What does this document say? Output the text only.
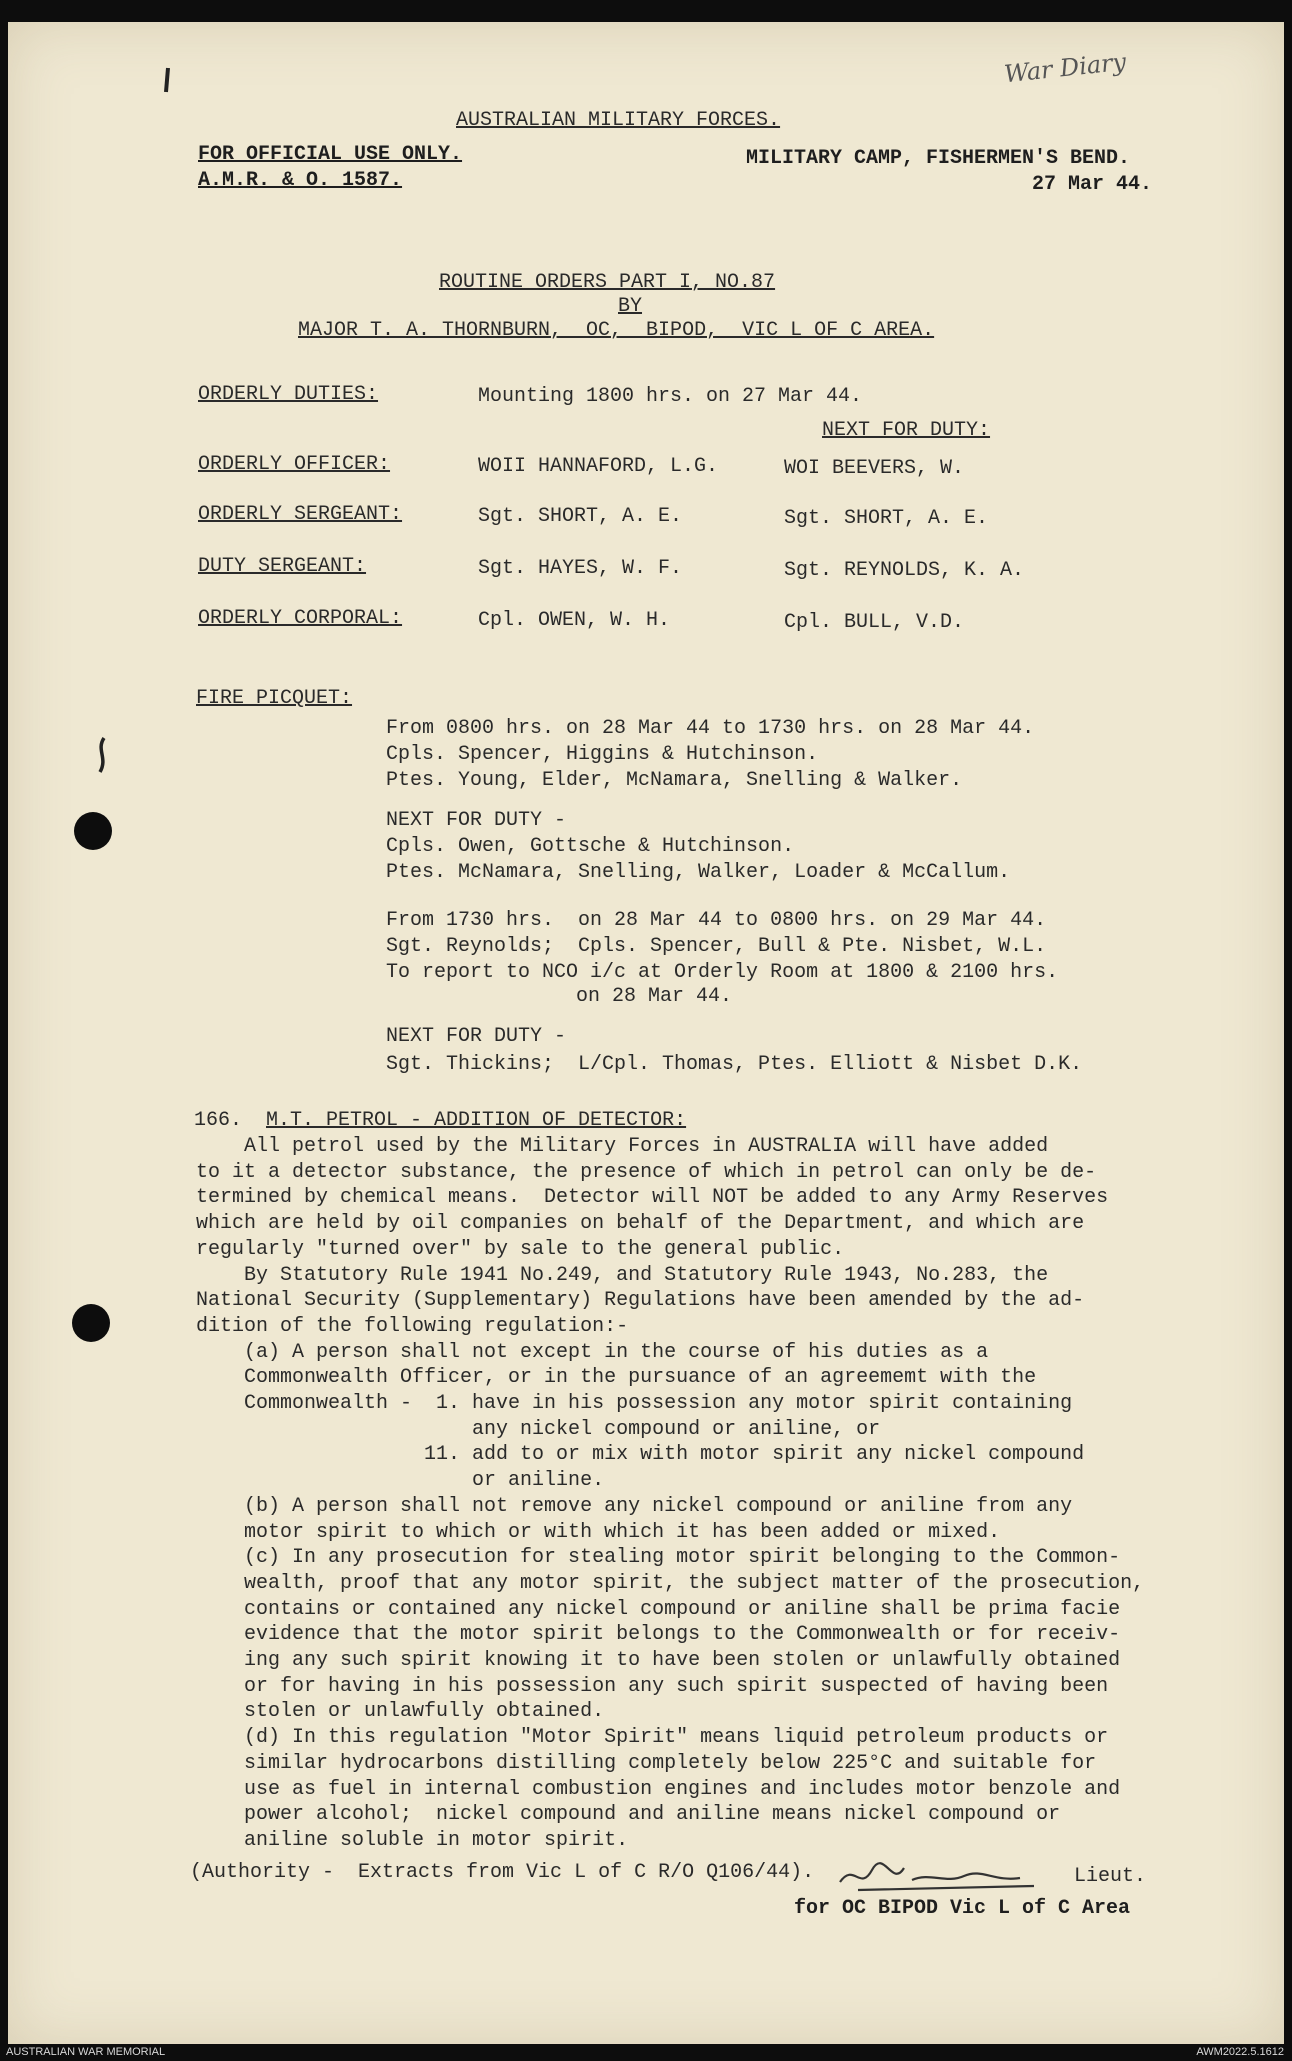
War Diary
AUSTRALIAN MILITARY FORCES.
FOR OFFICIAL USE ONLY.
A.M.R. & O. 1587.
MILITARY CAMP, FISHERMEN'S BEND.
27 Mar 44.
ROUTINE ORDERS PART I, NO.87
BY
MAJOR T. A. THORNBURN,  OC,  BIPOD,  VIC L OF C AREA.
ORDERLY DUTIES:	Mounting 1800 hrs. on 27 Mar 44.
NEXT FOR DUTY:
ORDERLY OFFICER:	WOII HANNAFORD, L.G.	WOI BEEVERS, W.
ORDERLY SERGEANT:	Sgt. SHORT, A. E.	Sgt. SHORT, A. E.
DUTY SERGEANT:	Sgt. HAYES, W. F.	Sgt. REYNOLDS, K. A.
ORDERLY CORPORAL:	Cpl. OWEN, W. H.	Cpl. BULL, V.D.
FIRE PICQUET:
From 0800 hrs. on 28 Mar 44 to 1730 hrs. on 28 Mar 44.
Cpls. Spencer, Higgins & Hutchinson.
Ptes. Young, Elder, McNamara, Snelling & Walker.
NEXT FOR DUTY -
Cpls. Owen, Gottsche & Hutchinson.
Ptes. McNamara, Snelling, Walker, Loader & McCallum.
From 1730 hrs.  on 28 Mar 44 to 0800 hrs. on 29 Mar 44.
Sgt. Reynolds;  Cpls. Spencer, Bull & Pte. Nisbet, W.L.
To report to NCO i/c at Orderly Room at 1800 & 2100 hrs.
on 28 Mar 44.
NEXT FOR DUTY -
Sgt. Thickins;  L/Cpl. Thomas, Ptes. Elliott & Nisbet D.K.
166. M.T. PETROL - ADDITION OF DETECTOR:
All petrol used by the Military Forces in AUSTRALIA will have added
to it a detector substance, the presence of which in petrol can only be de-
termined by chemical means.  Detector will NOT be added to any Army Reserves
which are held by oil companies on behalf of the Department, and which are
regularly "turned over" by sale to the general public.
By Statutory Rule 1941 No.249, and Statutory Rule 1943, No.283, the
National Security (Supplementary) Regulations have been amended by the ad-
dition of the following regulation:-
(a) A person shall not except in the course of his duties as a
Commonwealth Officer, or in the pursuance of an agreememt with the
Commonwealth -  1. have in his possession any motor spirit containing
any nickel compound or aniline, or
11. add to or mix with motor spirit any nickel compound
or aniline.
(b) A person shall not remove any nickel compound or aniline from any
motor spirit to which or with which it has been added or mixed.
(c) In any prosecution for stealing motor spirit belonging to the Common-
wealth, proof that any motor spirit, the subject matter of the prosecution,
contains or contained any nickel compound or aniline shall be prima facie
evidence that the motor spirit belongs to the Commonwealth or for receiv-
ing any such spirit knowing it to have been stolen or unlawfully obtained
or for having in his possession any such spirit suspected of having been
stolen or unlawfully obtained.
(d) In this regulation "Motor Spirit" means liquid petroleum products or
similar hydrocarbons distilling completely below 225°C and suitable for
use as fuel in internal combustion engines and includes motor benzole and
power alcohol;  nickel compound and aniline means nickel compound or
aniline soluble in motor spirit.
(Authority -  Extracts from Vic L of C R/O Q106/44).	Lieut.
for OC BIPOD Vic L of C Area
AUSTRALIAN WAR MEMORIAL	AWM2022.5.1612
